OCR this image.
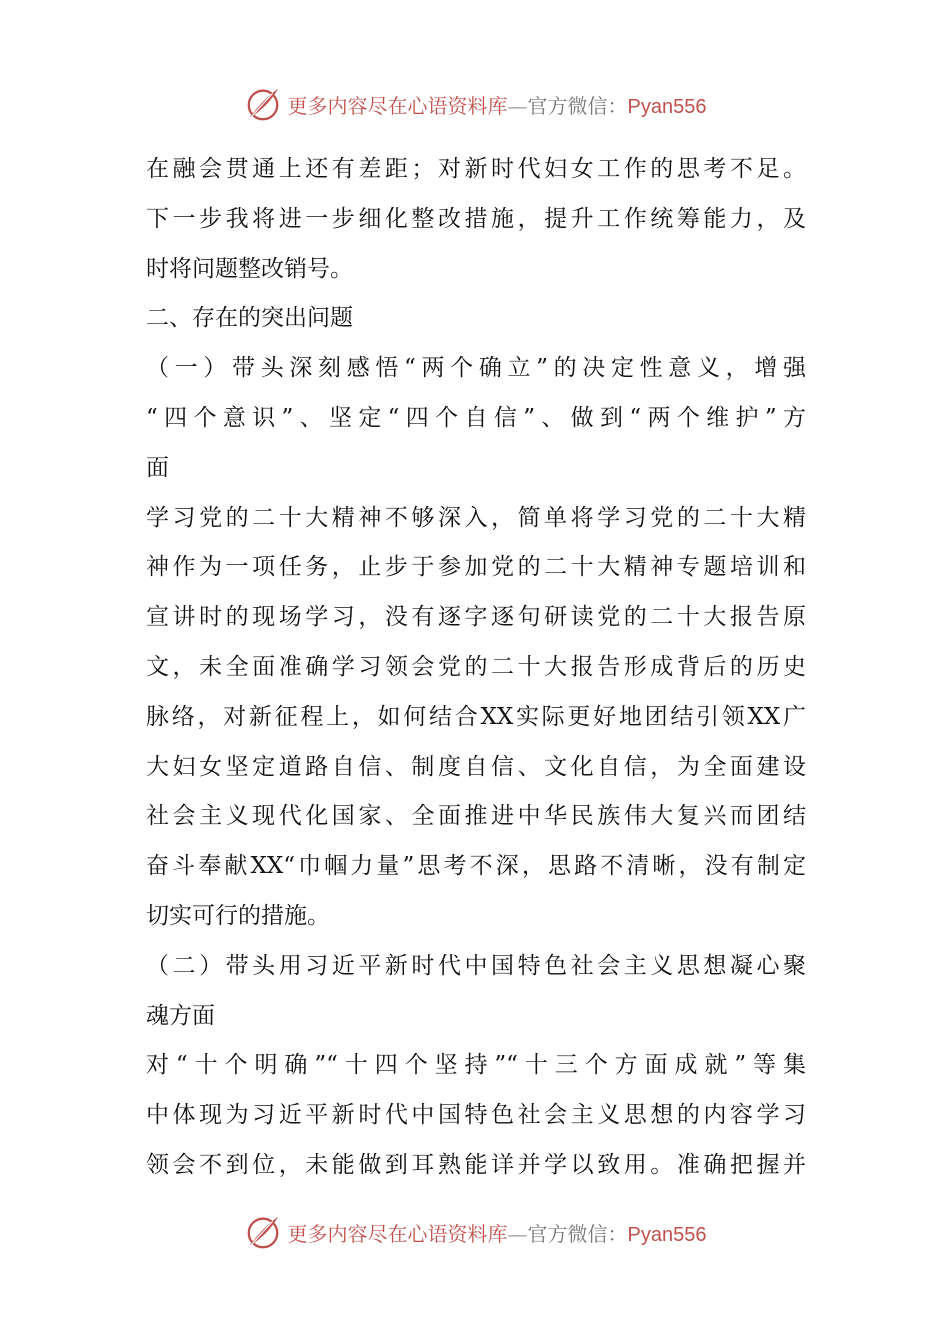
更多内容尽在心语资料库—官方微信：Pyan556
在融会贯通上还有差距；对新时代妇女工作的思考不足。
下一步我将进一步细化整改措施，提升工作统筹能力，及
时将问题整改销号。
二、存在的突出问题
（一）带头深刻感悟“两个确立”的决定性意义，增强
“四个意识”、坚定“四个自信”、做到“两个维护”方
面
学习党的二十大精神不够深入，简单将学习党的二十大精
神作为一项任务，止步于参加党的二十大精神专题培训和
宣讲时的现场学习，没有逐字逐句研读党的二十大报告原
文，未全面准确学习领会党的二十大报告形成背后的历史
脉络，对新征程上，如何结合XX实际更好地团结引领XX广
大妇女坚定道路自信、制度自信、文化自信，为全面建设
社会主义现代化国家、全面推进中华民族伟大复兴而团结
奋斗奉献XX“巾帼力量”思考不深，思路不清晰，没有制定
切实可行的措施。
（二）带头用习近平新时代中国特色社会主义思想凝心聚
魂方面
对“十个明确”“十四个坚持”“十三个方面成就”等集
中体现为习近平新时代中国特色社会主义思想的内容学习
领会不到位，未能做到耳熟能详并学以致用。准确把握并
更多内容尽在心语资料库—官方微信：Pyan556
